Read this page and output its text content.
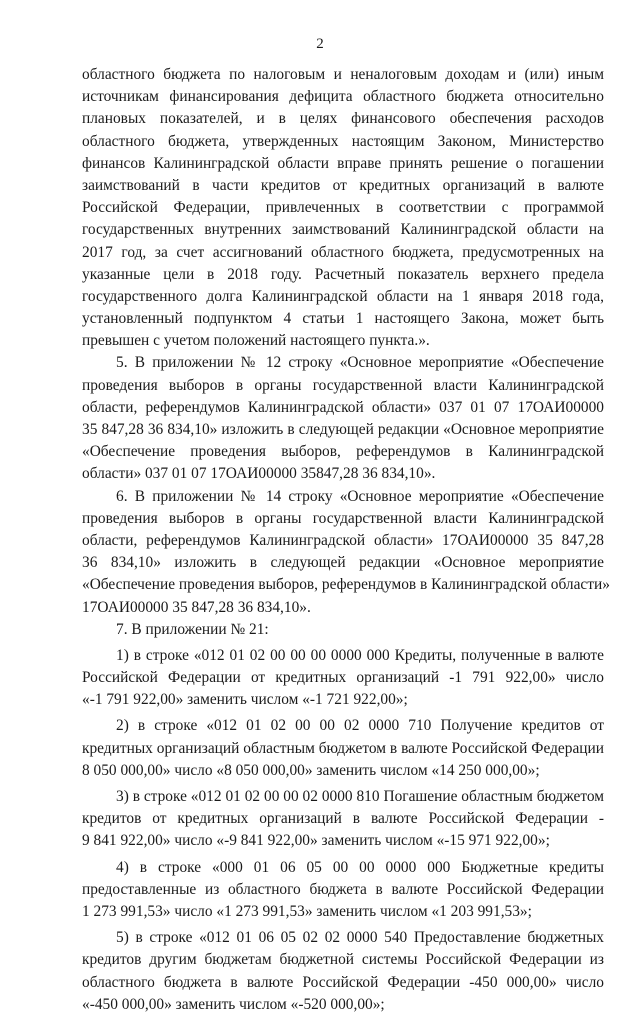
2
областного бюджета по налоговым и неналоговым доходам и (или) иным
источникам финансирования дефицита областного бюджета относительно
плановых показателей, и в целях финансового обеспечения расходов
областного бюджета, утвержденных настоящим Законом, Министерство
финансов Калининградской области вправе принять решение о погашении
заимствований в части кредитов от кредитных организаций в валюте
Российской Федерации, привлеченных в соответствии с программой
государственных внутренних заимствований Калининградской области на
2017 год, за счет ассигнований областного бюджета, предусмотренных на
указанные цели в 2018 году. Расчетный показатель верхнего предела
государственного долга Калининградской области на 1 января 2018 года,
установленный подпунктом 4 статьи 1 настоящего Закона, может быть
превышен с учетом положений настоящего пункта.».
5. В приложении № 12 строку «Основное мероприятие «Обеспечение
проведения выборов в органы государственной власти Калининградской
области, референдумов Калининградской области» 037 01 07 17ОАИ00000
35 847,28 36 834,10» изложить в следующей редакции «Основное мероприятие
«Обеспечение проведения выборов, референдумов в Калининградской
области» 037 01 07 17ОАИ00000 35847,28 36 834,10».
6. В приложении № 14 строку «Основное мероприятие «Обеспечение
проведения выборов в органы государственной власти Калининградской
области, референдумов Калининградской области» 17ОАИ00000 35 847,28
36 834,10» изложить в следующей редакции «Основное мероприятие
«Обеспечение проведения выборов, референдумов в Калининградской области»
17ОАИ00000 35 847,28 36 834,10».
7. В приложении № 21:
1) в строке «012 01 02 00 00 00 0000 000 Кредиты, полученные в валюте
Российской Федерации от кредитных организаций -1 791 922,00» число
«-1 791 922,00» заменить числом «-1 721 922,00»;
2) в строке «012 01 02 00 00 02 0000 710 Получение кредитов от
кредитных организаций областным бюджетом в валюте Российской Федерации
8 050 000,00» число «8 050 000,00» заменить числом «14 250 000,00»;
3) в строке «012 01 02 00 00 02 0000 810 Погашение областным бюджетом
кредитов от кредитных организаций в валюте Российской Федерации -
9 841 922,00» число «-9 841 922,00» заменить числом «-15 971 922,00»;
4) в строке «000 01 06 05 00 00 0000 000 Бюджетные кредиты
предоставленные из областного бюджета в валюте Российской Федерации
1 273 991,53» число «1 273 991,53» заменить числом «1 203 991,53»;
5) в строке «012 01 06 05 02 02 0000 540 Предоставление бюджетных
кредитов другим бюджетам бюджетной системы Российской Федерации из
областного бюджета в валюте Российской Федерации -450 000,00» число
«-450 000,00» заменить числом «-520 000,00»;
